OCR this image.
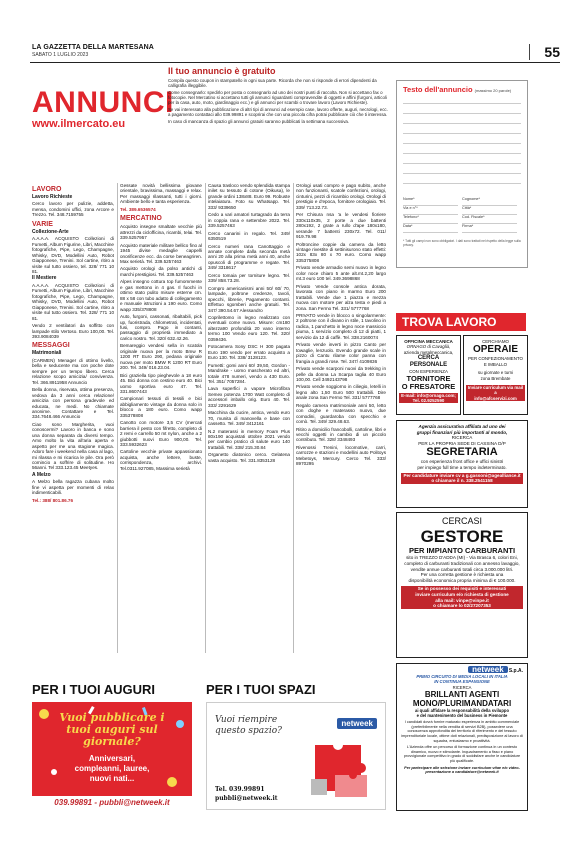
LA GAZZETTA DELLA MARTESANA
SABATO 1 LUGLIO 2023	55
ANNUNCI
www.ilmercato.eu
Il tuo annuncio è gratuito

Compila questo coupon in stampatello in ogni sua parte. Ricorda che non si risponde di errori dipendenti da calligrafia illeggibile.

Come consegnarlo: spedirlo per posta o consegnarlo ad uno dei nostri punti di raccolta. Non si accettano fax o fotocopie. Nel Mercatino si accettano tutti gli annunci riguardanti compravendite di oggetti e affini (furgoni, articoli per la casa, auto, moto, giardinaggio ecc.) e gli annunci per scambi o trovare lavoro (Lavoro Richieste).

Se vai interessato alla pubblicazione di altri tipi di annunci ad esempio case, lavoro offerte, auguri, necrologi, ecc. a pagamento contattaci allo 039.99891 e scoprirai che con una piccola cifra potrai pubblicare ciò che ti interessa.

In caso di mancanza di spazio gli annunci gratuiti saranno pubblicati la settimana successiva.

Testo dell'annuncio (massimo 20 parole)
Nome*	Cognome*
Via e n°*	Città*
Telefono*	Cod. Fiscale*
Data*	Firma*
* Tutti gli campi non sono obbligatori. I dati sono trattati nel rispetto della legge sulla privacy.
LAVORO
Lavoro Richieste

Cerco lavoro per pulizie, addetta, mensa, condomini uffici, zona Arcore e Trezzo. Tel. 348.7159755

VARIE
Collezione-Arte

A.A.A.A. ACQUISTO Collezioni di Fumetti, Album Figurine, Libri, Macchine fotografiche, Pipe, Lego, Champagne, Whisky, DVD, Modellini Auto, Robot Giapponese, Trenini. Sol cartine, ritiro a visite sul tutto ossiero, tel. 328/ 771 10 81.

Il Mestiere

A.A.A.A. ACQUISTO Collezioni di Fumetti, Album Figurine, Libri, Macchine fotografiche, Pipe, Lego, Champagne, Whisky, DVD, Modellini Auto, Robot Giapponese, Trenini. Sol cartine, ritiro a visite sul tutto ossiero. Tel. 328/ 771 10 81.

Vendo 2 ventilatori da soffitto con lampade stilo Vertoso. Euro 100,00. Tel. 393.9084039

MESSAGGI
Matrimoniali

(CARMEN) Menager di ottimo livello, bella e seducente ma con poche dote sempre per un tempo libero. Cerca relazione scopo amicizia/ convivenza. Tel. 366.8911958 Annuncio

Bella donna, riservata, ottima presenza, vedova da 3 anni cerca relazione/ amicizia con persona gradevole ed educata, ne medi. No chiamate anonime. Contattare e Tel. 334.7648.466 Annuncio

Ciao sono Margherita, vuoi conoscermi? Lavoro in banca e sono una donna separata da diversi tempo. Amo molto la vita all'aria aperta e aspetto per me una stagione magica. Adoro fare i weekend nella casa al lago, mi rilassa e mi ricarica le pile. Ora però comincio a soffrire di solitudine. Ho 56anni. Tel 333.123.45 Meetyes.

A Melzo

A Melzo bella ragazza cubana molto fine vi aspetta per momenti di relax indimenticabili.

Tel.: 388/ 801.86.76

Gessate novità bellissima giovane orientale, bravissima, massaggi e relax. Per massaggi rilassanti, tutti i giorni. Ambiente bello e tanta esperienza.

Tel. 389.6536574

MERCATINO

Acquisto insegne smaltate vecchie più attrezzi da ciclofficina, ricambi, telai. Tel. 339.5257957

Acquisto materiale militare bellico fino al 1945 divise medaglie cappelli onorificenze ecc. da corse beneagriren. Max serietà. Tel. 339.5257463

Acquisto orologi da polso antichi di marchi prestigiosi. Tel. 339.5257463

Alpes insegno cottura top fumommente e gas mettono in 4 gas. Il fuochi in ottimo stato pulito misure esterne cm. 88 x 58 con tubo adatto di collegamento e manuale istruzioni a 190 euro. Como wapp 335/378808

Auto, furgoni, cassonati, ribaltabili, pick up, fuoristrada, chilometrati, incidentati, fusi, compro. Pago in contanti, passaggio di proprietà immediato a carico nostro. Tel. 320/ 632.42.26.

Bemareggio vendesi sella in scatola originale nuova per la moto Bmw R 1200 RT Euro 290, pedana originale nuova per moto BMW R 1200 RT Euro 200. Tel. 349/ 016.23.04.

Bici graziella tipo pieghevole a 18 euro 45. Bici donna con cestino euro 40. Bici uomo sportiva euro 47. Tel. 331.8607443

Campionari tessuti di tessili e bici abbigliamento vintage da donna solo in blocco a 180 euro. Como wapp 335378808

Canotto con motore 3,5 CV (mercati barriera il pesto con fifretto, completo di 2 remi e carrello 50 mt nylon, anche a 2 giubbotti nuovi Euro 900,00. Tel. 333.5932623

Cartoline vecchie private appassionato acquista, anche lettere, buste, corrispondenza, archivi. Tel.0311.927085, Massima serietà

Causa trasloco vendo splendida stampa inilet su tessuto di cotone (Oikusa), le grande ordini 138x88. Euro 99. Robuste intelaiatura. Foto su Whatsapp. Tel. 333/ 9339650

Cedo a vari amatori turtagrado da terra in coppia rana e settembre 2022. Tel. 339.5257463

Cerco canarini in regalo. Tel. 349/ 6350519

Cerco numeri rana Canottaggio e annate complete dalla seconda metà anni 20 alla prima metà anni 40, anche opuscoli di programme e regate. Tel. 349/ 3318617

Cerco tomaia per torniture legno. Tel. 339/ 858.73.28.

Compro americanismi anni 50/ 60/ 70, lampade, poltrone credenze, tavoli, specchi, librerie, Pagamento contanti. Effettuo sgomberi anche gratuiti. Tel. 347/ 390.54.67 Alessandro

Coprilettomo in legno realizzato con eventuali come nuovo. Misure: cm180 altezza90 profondità 20 vano interno termo 100 Vendo euro 120. Tel. 320/ 0359436.

Fotocamera Sony DSC H 300 pagata Euro 190 vendo per errato acquisto a Euro 130. Tel. 338/ 3128123.

Fumetti: gomi anni 60/ 39,50, Gordon - Mandrake - uomo mascherato ed altri, totale 478 numeri, vendo a 430 Euro. Tel. 351/ 7057284.

Lava superfici a vapore Microfibra Semex potenza 1700 Watt completo di accessori imballo orig. Euro 40. Tel. 333/ 2291629

Macchina da cucire, antica, vendo euro 70, munita di manovella e base con cassetto. Tel. 349/ 3412161

N.2 materassi in memory Foam Plus 80x190 acquistati ottobre 2021 vendo per cambio pratico di salute euro 140 trattabili. Tel. 338/ 215.30.84

Organetto diatonico cerco. Gelatena vasta acquisto. Tel. 331.8353128

Orologi usati compro e pago subito, anche non funzionanti, scatole confezioni, orologi, cinturini, pezzi di ricambio orologi. Orologi di prestigio e d'epoca, fornitore orologiaio. Tel. 339/ 713.22.73.

Per Chisura nsa 'a le vendesi fioriere 330x110x35, 2 porte a due battenti 280x192, 2 grate a rullo d'ape 180x180, verande 7 battenti 230x72. Tel. 011/ 919.79.98

Poltroncine coppie da camera da letto vintage rivestite di settinisurono stato effetti: 102x 83x 80 x 70 euro. Como wapp 335375808

Privato vende armadio semi nuovo in legno color noce chiaro 5 ante alt.mt.2,20 largo mt.3 euro 100 tel. 349.3698868

Privato Vende console antica dorata, lavorata con piano in marmo Euro 200 trattabili. Vende due 1 piazza e mezza nuova con motore per alza testa e piedi a zona. San Fermo Tel. 331/ 5777768

PRIVATO vende in blocco o singolarmente: 2 poltrone con il divano in stile, 1 tavolino in radica, 1 panchetto in legno noce massiccio piuma, 1 servizio completo di 12 di piatti, 1 servizio da 12 di caffè. Tel. 338.2160074

Privato vende inverti in pizzo Canto per towaglie, lenzuolo. Evendo grande scale in pizzo di Cantu rilame color panna con frangia a grandi rose. Tel. 347/ 4109836

Privato vende scarponi nuovi da trekking in pelle da donna La Scarpa taglia 40 Euro 100,00. Cell 3492143798

Privato vende soggiorno in ciliegio, letelli in legno alto 1,50 Euro 500 trattabili. Dire anale zona San Fermo Tel. 331/ 5777768

Regalo camera matrimoniale anni 50, letto con doghe e materasso nuovo, due comodini, guardaroba con specchio e comò. Tel. 349/ 329.48.63.

Ritiro a domicilio francobolli, cartoline, libri e vecchi oggetti in cambio di un piccolo contributo. Tel. 328/ 3348493

Rivenossi Trenini, locomotive, carri, carrozze e stazioni e modellini auto Politoys Mebetoys, Mercury. Cerco Tel. 333/ 8970295

TROVA LAVORO
OFFICINA MECCANICA
ORNAGO di Cavaglià,
azienda metalmeccanica,
CERCA PERSONALE
CON ESPERIENZA
TORNITORE
O FRESATORE
E-mail: info@ornago.com;
Tel. 02.9252590
CERCHIAMO
OPERAIE
PER CONFEZIONAMENTO
E IMBALLO
su giornate e turni
zona Brembate
Inviare curriculum via mail a
info@afcservizi.com
Agenzia assicurativa affiliata ad uno dei
gruppi finanziari più importanti al mondo,
RICERCA
PER LA PROPRIA SEDE DI CASSINA D/P
SEGRETARIA
con esperienza front office e uffici sinistri
per impiego full time a tempo indeterminato.
Per candidature inviare cv a g.gassoni@agealliance.it
o chiamare il n. 338.2541158
CERCASI
GESTORE
PER IMPIANTO CARBURANTI
sito in TREZZO D'ADDA (MI) - Via Brasca 6, colori Eni,
completo di carburanti tradizionali con annesso lavaggio,
vendite annue carburanti totali circa 3.000.000 litri.
Per una corretta gestione è richiesta una
disponibilità economica propria minima di € 100.000.
Se in possesso dei requisiti e interessati
inviare curriculum e/o richiesta di gestione
alla mail: vinpe@vinpe.it
o chiamare lo 02/27207353
netweek S.p.A.
PRIMO CIRCUITO DI MEDIA LOCALI IN ITALIA
IN CONTINUA ESPANSIONE
RICERCA
BRILLANTI AGENTI
MONO/PLURIMANDATARI
ai quali affidare la responsabilità della sviluppo
e del mantenimento del business in Piemonte
I candidati dovrà fornire maturato esperienza in ambito commerciale (preferibilmente nella vendita di servizi B2B), possedere una conoscenza approfondita del territorio di riferimento e del tessuto imprenditoriale locale, ottime doti relazionali, predisposizione al lavoro di squadra, entusiasmo e proattività.
L'Azienda offre un percorso di formazione continua in un contesto dinamico, nuovo e stimolante. Inquadramento a fisso e piano provvigionale competitivo in grado di soddisfare anche le candidature più qualificate.
Per partecipare alle selezione inviare curriculum vitae e/o video-presentazione a candidature@netweek.it
PER I TUOI AUGURI
Vuoi pubblicare i tuoi auguri sul giornale?
Anniversari,
compleanni, lauree,
nuovi nati...
039.99891 - pubbli@netweek.it
PER I TUOI SPAZI
Vuoi riempire
questo spazio?
netweek
Tel. 039.99891
pubbli@netweek.it
